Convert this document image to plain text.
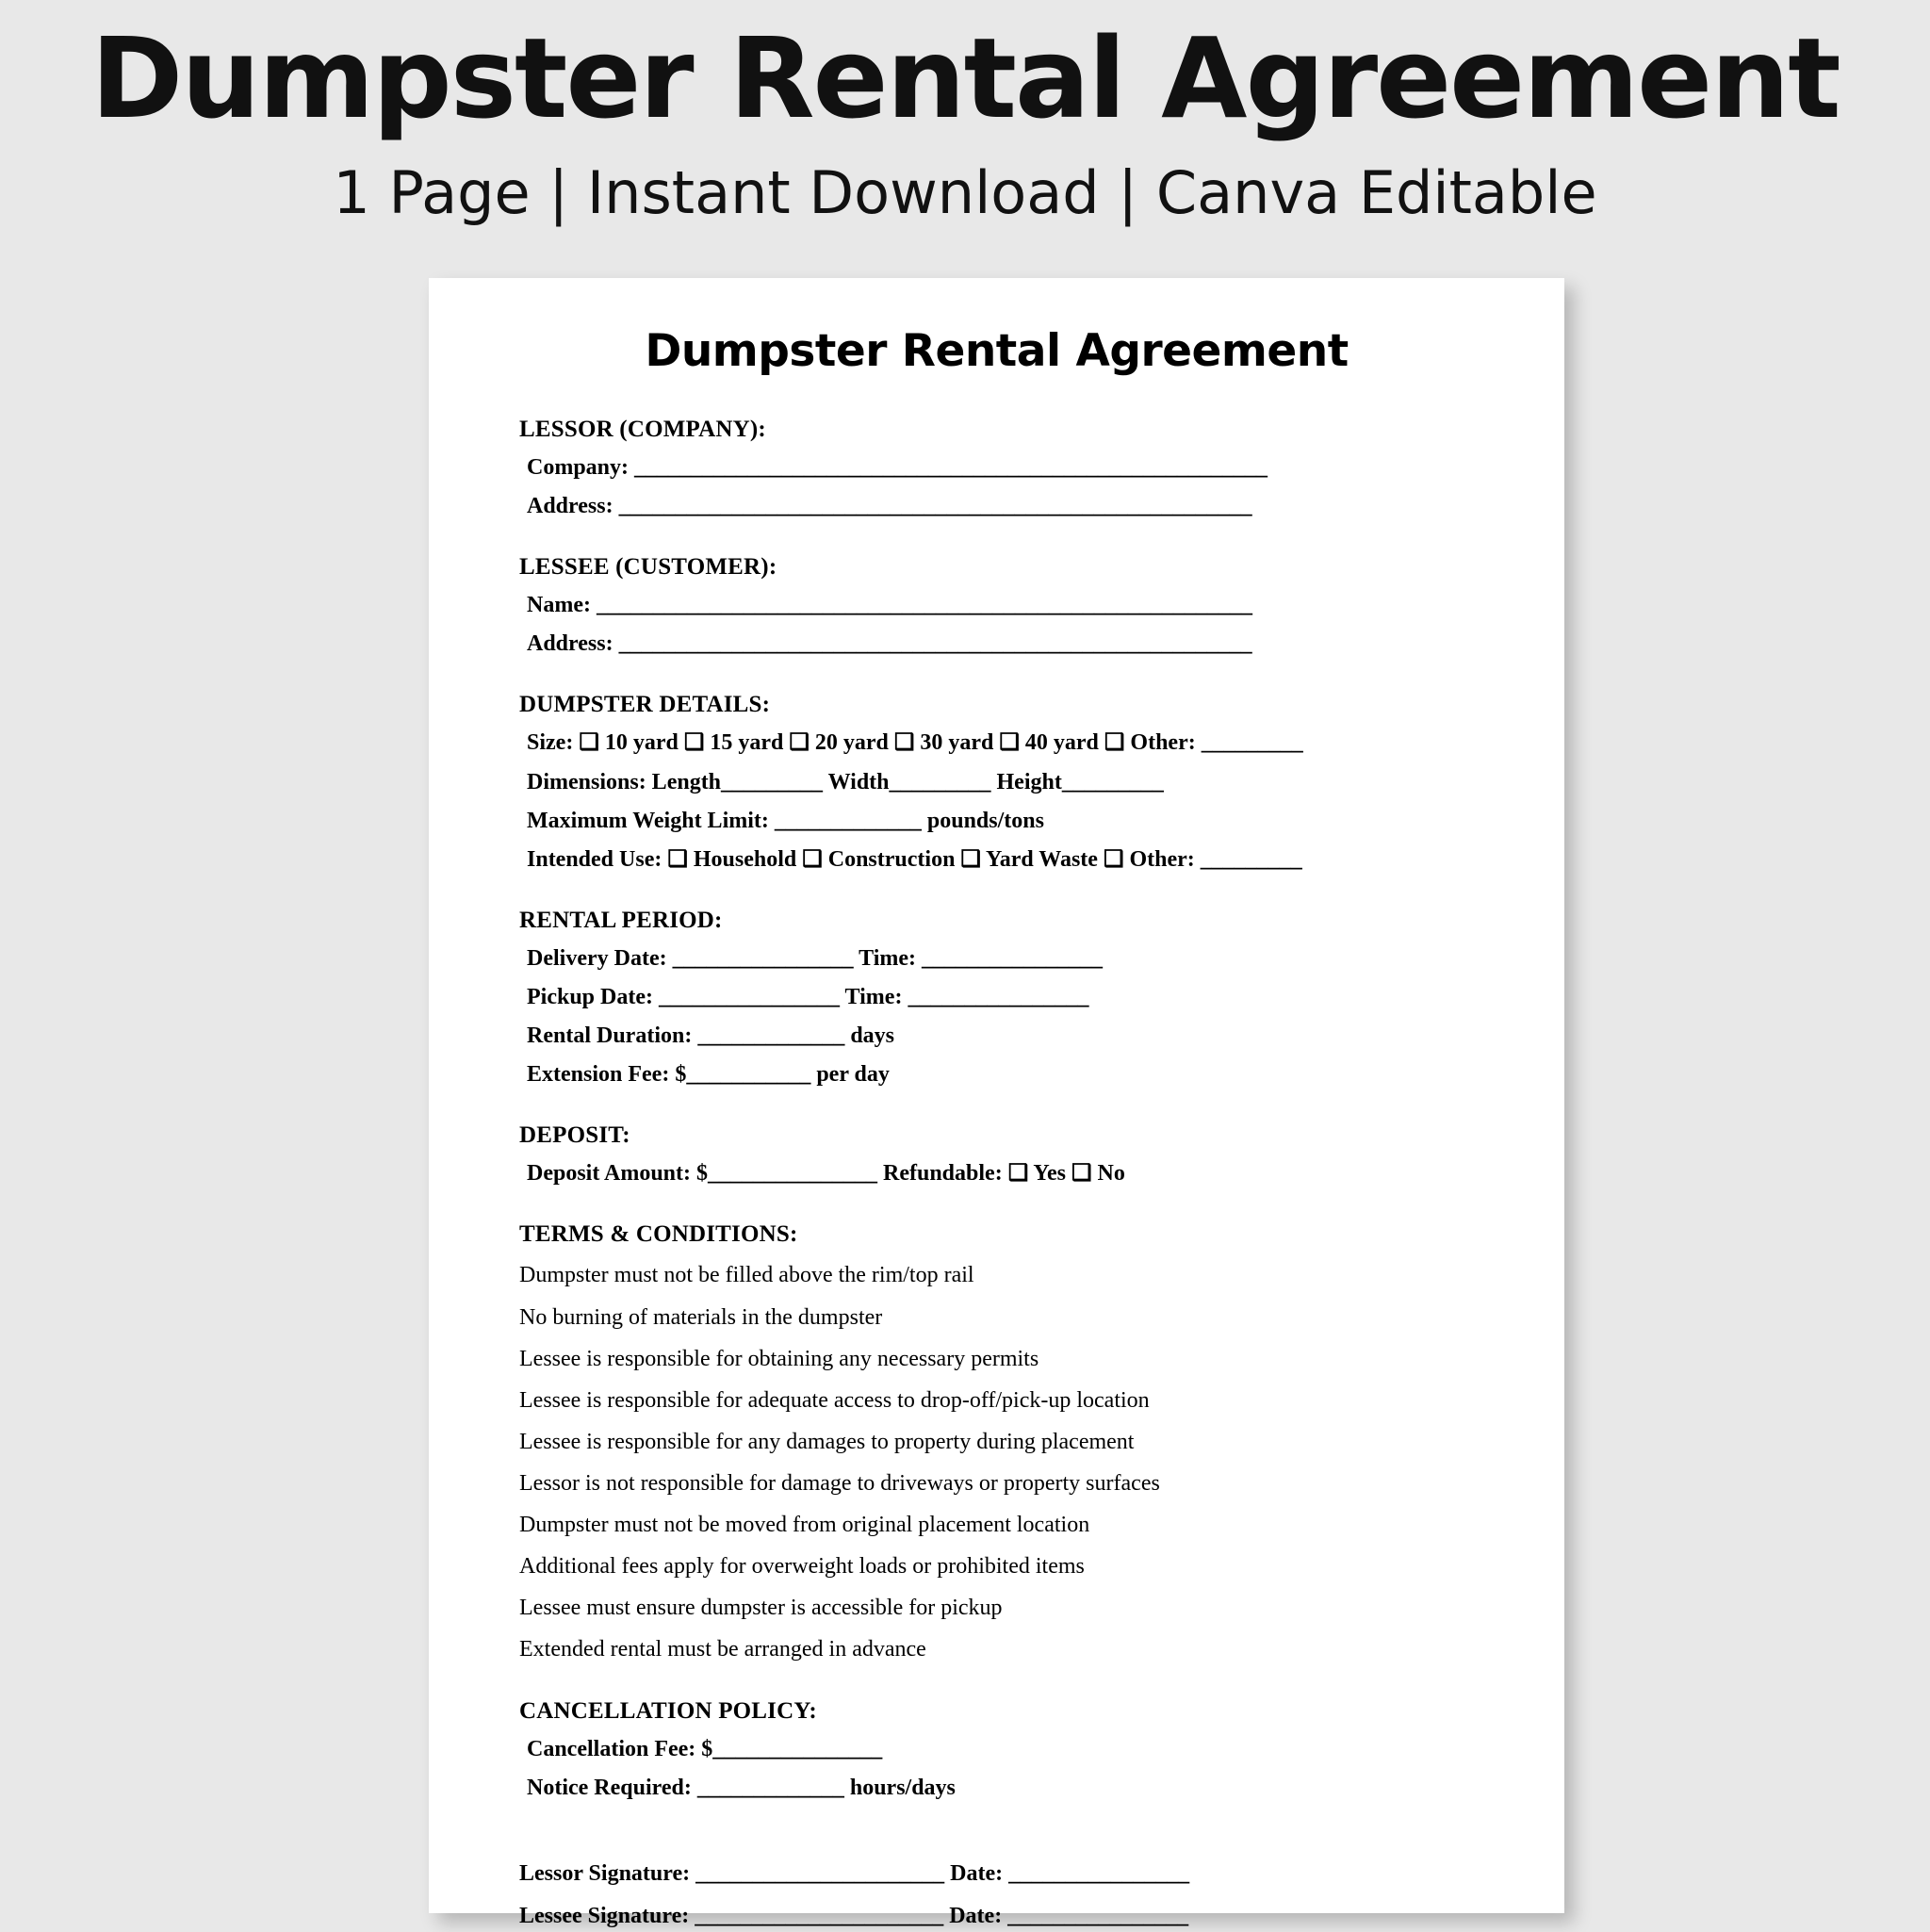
Dumpster Rental Agreement
1 Page | Instant Download | Canva Editable
Dumpster Rental Agreement
LESSOR (COMPANY):
Company: ________________________________________________________
Address: ________________________________________________________
LESSEE (CUSTOMER):
Name: __________________________________________________________
Address: ________________________________________________________
DUMPSTER DETAILS:
Size: ❑ 10 yard ❑ 15 yard ❑ 20 yard ❑ 30 yard ❑ 40 yard ❑ Other: _________
Dimensions: Length_________ Width_________ Height_________
Maximum Weight Limit: _____________ pounds/tons
Intended Use: ❑ Household ❑ Construction ❑ Yard Waste ❑ Other: _________
RENTAL PERIOD:
Delivery Date: ________________ Time: ________________
Pickup Date: ________________ Time: ________________
Rental Duration: _____________ days
Extension Fee: $___________ per day
DEPOSIT:
Deposit Amount: $_______________ Refundable: ❑ Yes ❑ No
TERMS & CONDITIONS:
Dumpster must not be filled above the rim/top rail
No burning of materials in the dumpster
Lessee is responsible for obtaining any necessary permits
Lessee is responsible for adequate access to drop-off/pick-up location
Lessee is responsible for any damages to property during placement
Lessor is not responsible for damage to driveways or property surfaces
Dumpster must not be moved from original placement location
Additional fees apply for overweight loads or prohibited items
Lessee must ensure dumpster is accessible for pickup
Extended rental must be arranged in advance
CANCELLATION POLICY:
Cancellation Fee: $_______________
Notice Required: _____________ hours/days
Lessor Signature: ______________________ Date: ________________
Lessee Signature: ______________________ Date: ________________
